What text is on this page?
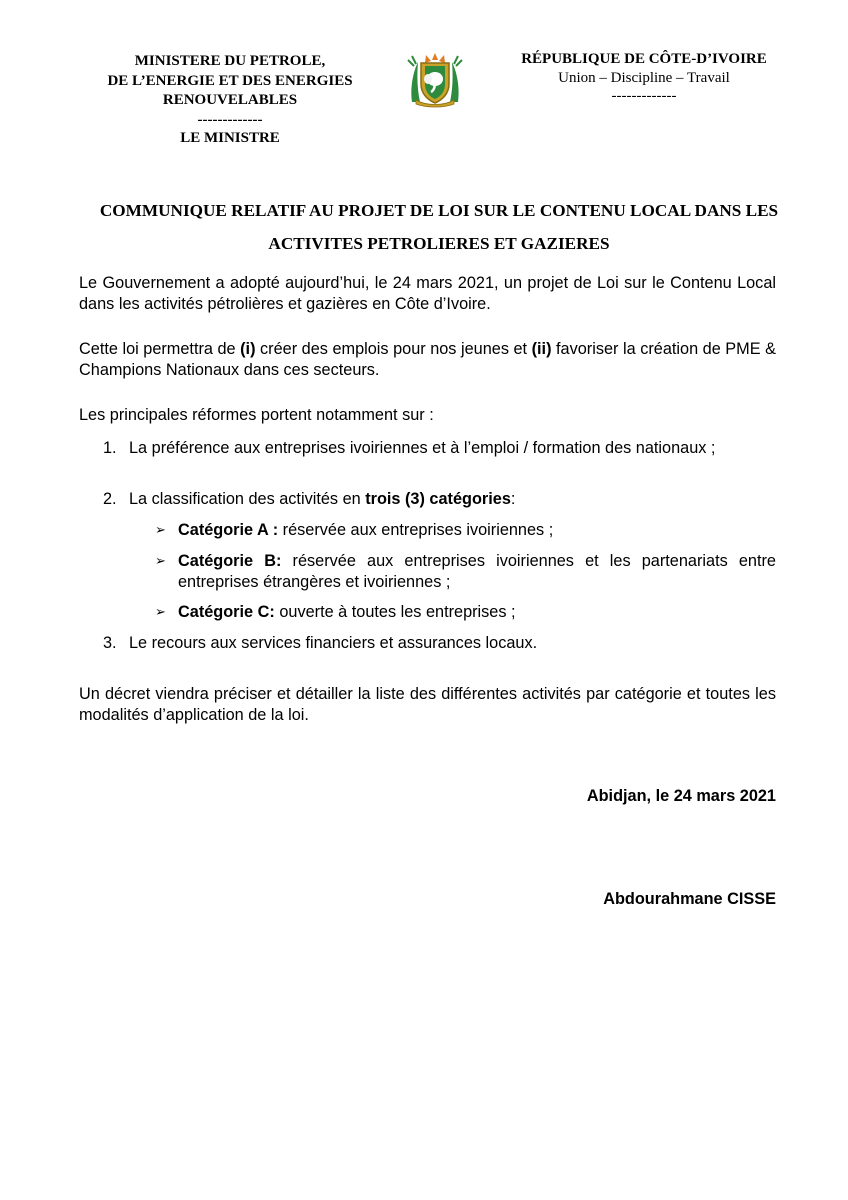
MINISTERE DU PETROLE,
DE L’ENERGIE ET DES ENERGIES
RENOUVELABLES
-------------
LE MINISTRE
RÉPUBLIQUE DE CÔTE-D’IVOIRE
Union – Discipline – Travail
-------------
COMMUNIQUE RELATIF AU PROJET DE LOI SUR LE CONTENU LOCAL DANS LES
ACTIVITES PETROLIERES ET GAZIERES

Le Gouvernement a adopté aujourd’hui, le 24 mars 2021, un projet de Loi sur le Contenu Local dans les activités pétrolières et gazières en Côte d’Ivoire.

Cette loi permettra de (i) créer des emplois pour nos jeunes et (ii) favoriser la création de PME & Champions Nationaux dans ces secteurs.

Les principales réformes portent notamment sur :

1. La préférence aux entreprises ivoiriennes et à l’emploi / formation des nationaux ;
2. La classification des activités en trois (3) catégories:
➢ Catégorie A : réservée aux entreprises ivoiriennes ;
➢ Catégorie B: réservée aux entreprises ivoiriennes et les partenariats entre entreprises étrangères et ivoiriennes ;
➢ Catégorie C: ouverte à toutes les entreprises ;
3. Le recours aux services financiers et assurances locaux.

Un décret viendra préciser et détailler la liste des différentes activités par catégorie et toutes les modalités d’application de la loi.

Abidjan, le 24 mars 2021
Abdourahmane CISSE
